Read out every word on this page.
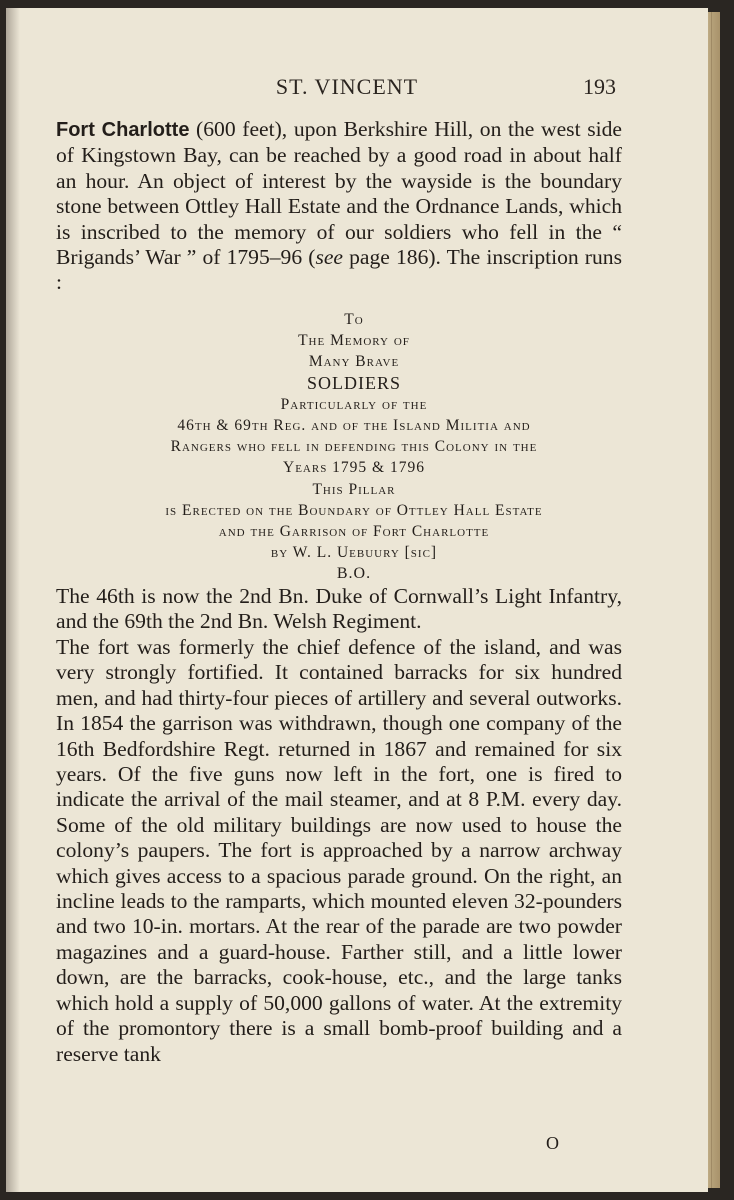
ST. VINCENT	193
Fort Charlotte (600 feet), upon Berkshire Hill, on the west side of Kingstown Bay, can be reached by a good road in about half an hour. An object of interest by the wayside is the boundary stone between Ottley Hall Estate and the Ordnance Lands, which is inscribed to the memory of our soldiers who fell in the “ Brigands’ War ” of 1795–96 (see page 186). The inscription runs :
To
The Memory of
Many Brave
SOLDIERS
Particularly of the
46th & 69th Reg. and of the Island Militia and
Rangers who fell in defending this Colony in the
Years 1795 & 1796
This Pillar
is Erected on the Boundary of Ottley Hall Estate
and the Garrison of Fort Charlotte
by W. L. Uebuury [sic]
B.O.
The 46th is now the 2nd Bn. Duke of Cornwall’s Light Infantry, and the 69th the 2nd Bn. Welsh Regiment.
The fort was formerly the chief defence of the island, and was very strongly fortified. It contained barracks for six hundred men, and had thirty-four pieces of artillery and several outworks. In 1854 the garrison was withdrawn, though one company of the 16th Bedfordshire Regt. returned in 1867 and remained for six years. Of the five guns now left in the fort, one is fired to indicate the arrival of the mail steamer, and at 8 P.M. every day. Some of the old military buildings are now used to house the colony’s paupers. The fort is approached by a narrow archway which gives access to a spacious parade ground. On the right, an incline leads to the ramparts, which mounted eleven 32-pounders and two 10-in. mortars. At the rear of the parade are two powder magazines and a guard-house. Farther still, and a little lower down, are the barracks, cook-house, etc., and the large tanks which hold a supply of 50,000 gallons of water. At the extremity of the promontory there is a small bomb-proof building and a reserve tank
O
